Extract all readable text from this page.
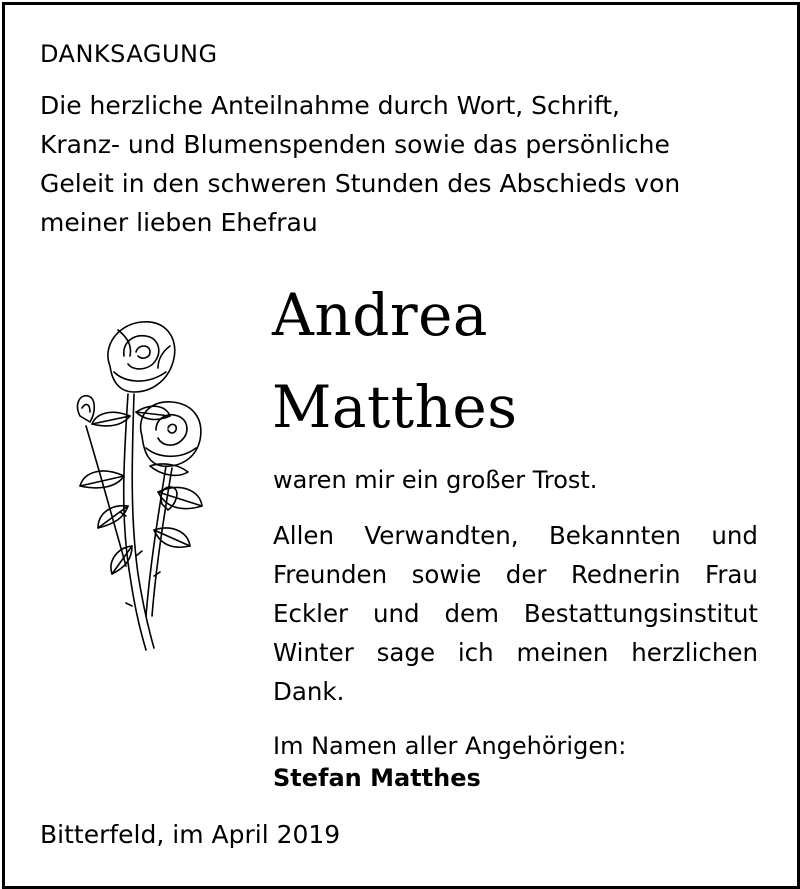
DANKSAGUNG
Die herzliche Anteilnahme durch Wort, Schrift,
Kranz- und Blumenspenden sowie das persönliche
Geleit in den schweren Stunden des Abschieds von
meiner lieben Ehefrau
Andrea
Matthes
waren mir ein großer Trost.
Allen Verwandten, Bekannten und
Freunden sowie der Rednerin Frau
Eckler und dem Bestattungsinstitut
Winter sage ich meinen herzlichen
Dank.
Im Namen aller Angehörigen:
Stefan Matthes
Bitterfeld, im April 2019
